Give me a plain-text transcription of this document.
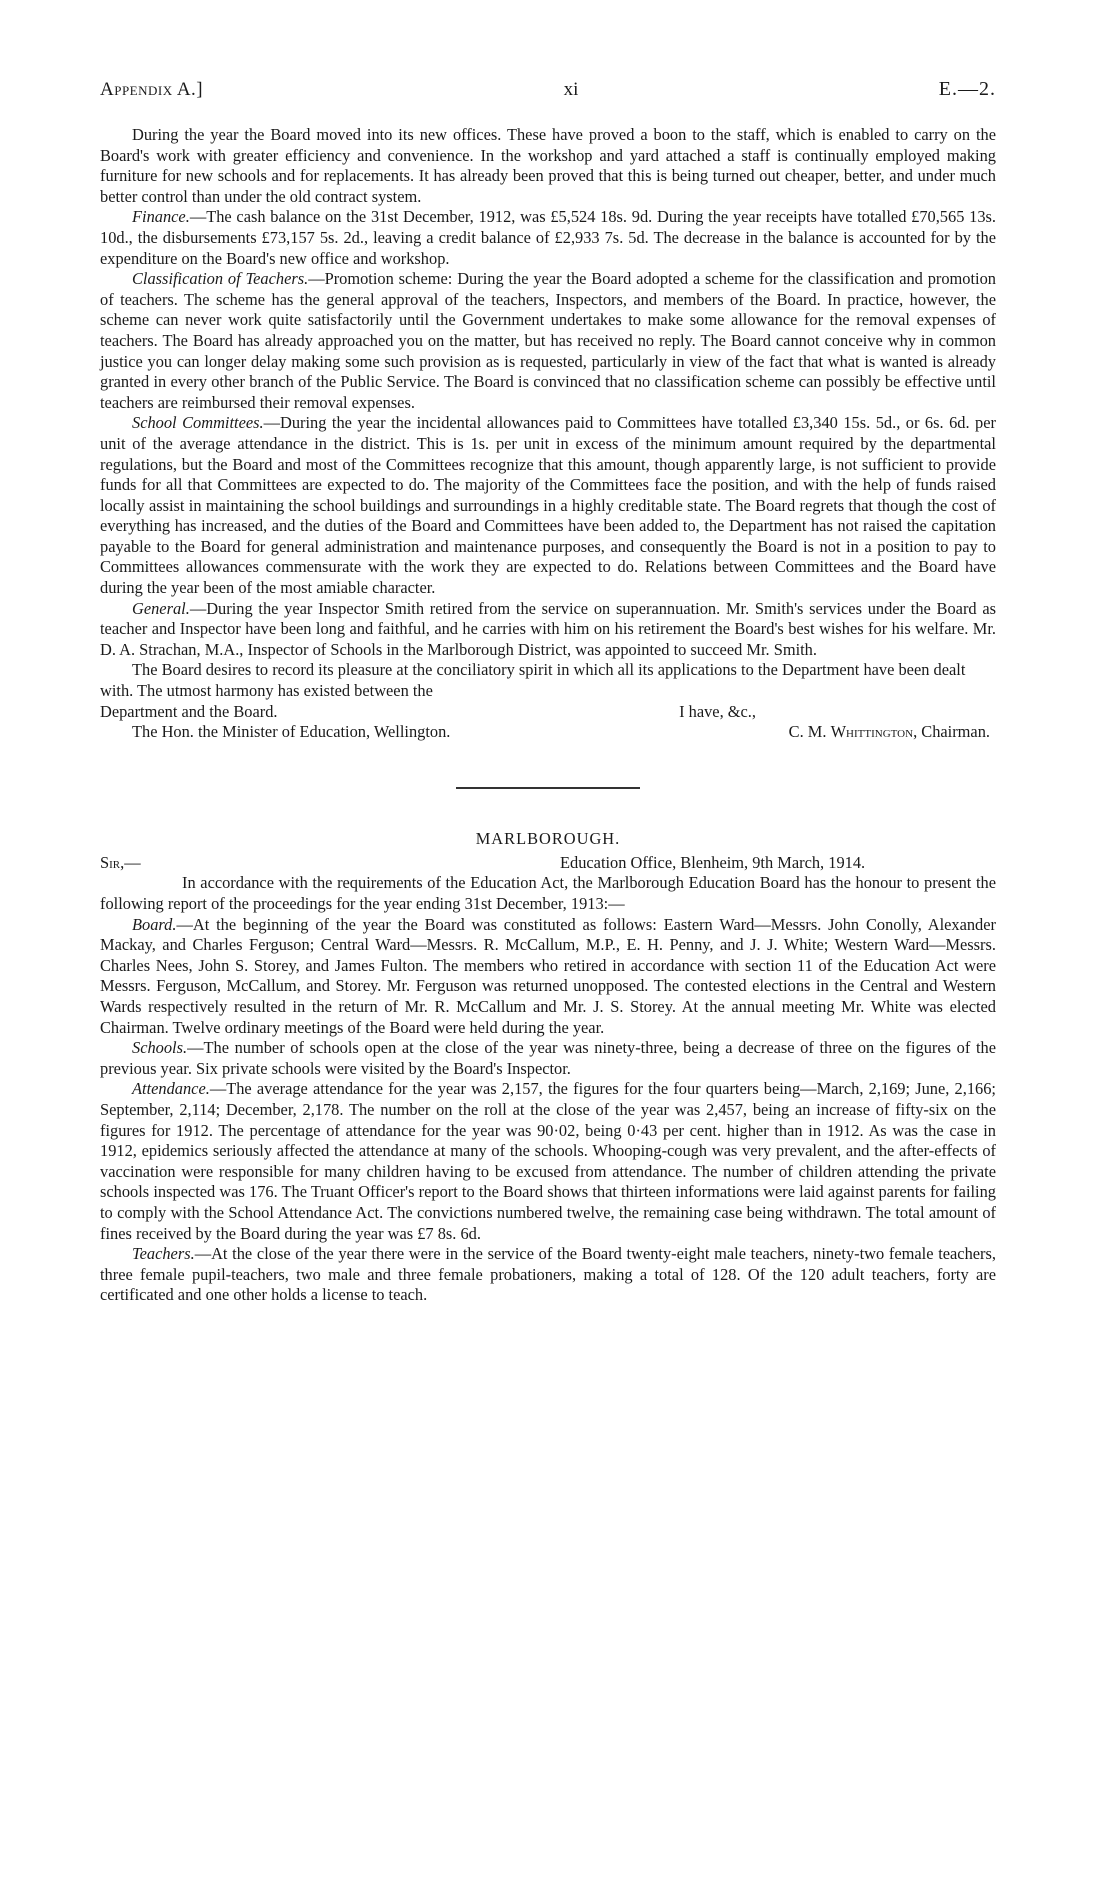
Appendix A.]	xi	E.—2.

During the year the Board moved into its new offices. These have proved a boon to the staff, which is enabled to carry on the Board's work with greater efficiency and convenience. In the workshop and yard attached a staff is continually employed making furniture for new schools and for replacements. It has already been proved that this is being turned out cheaper, better, and under much better control than under the old contract system.

Finance.—The cash balance on the 31st December, 1912, was £5,524 18s. 9d. During the year receipts have totalled £70,565 13s. 10d., the disbursements £73,157 5s. 2d., leaving a credit balance of £2,933 7s. 5d. The decrease in the balance is accounted for by the expenditure on the Board's new office and workshop.

Classification of Teachers.—Promotion scheme: During the year the Board adopted a scheme for the classification and promotion of teachers. The scheme has the general approval of the teachers, Inspectors, and members of the Board. In practice, however, the scheme can never work quite satisfactorily until the Government undertakes to make some allowance for the removal expenses of teachers. The Board has already approached you on the matter, but has received no reply. The Board cannot conceive why in common justice you can longer delay making some such provision as is requested, particularly in view of the fact that what is wanted is already granted in every other branch of the Public Service. The Board is convinced that no classification scheme can possibly be effective until teachers are reimbursed their removal expenses.

School Committees.—During the year the incidental allowances paid to Committees have totalled £3,340 15s. 5d., or 6s. 6d. per unit of the average attendance in the district. This is 1s. per unit in excess of the minimum amount required by the departmental regulations, but the Board and most of the Committees recognize that this amount, though apparently large, is not sufficient to provide funds for all that Committees are expected to do. The majority of the Committees face the position, and with the help of funds raised locally assist in maintaining the school buildings and surroundings in a highly creditable state. The Board regrets that though the cost of everything has increased, and the duties of the Board and Committees have been added to, the Department has not raised the capitation payable to the Board for general administration and maintenance purposes, and consequently the Board is not in a position to pay to Committees allowances commensurate with the work they are expected to do. Relations between Committees and the Board have during the year been of the most amiable character.

General.—During the year Inspector Smith retired from the service on superannuation. Mr. Smith's services under the Board as teacher and Inspector have been long and faithful, and he carries with him on his retirement the Board's best wishes for his welfare. Mr. D. A. Strachan, M.A., Inspector of Schools in the Marlborough District, was appointed to succeed Mr. Smith.

The Board desires to record its pleasure at the conciliatory spirit in which all its applications to the Department have been dealt with. The utmost harmony has existed between the

Department and the Board.	I have, &c.,
The Hon. the Minister of Education, Wellington.	C. M. Whittington, Chairman.
MARLBOROUGH.
Sir,—	Education Office, Blenheim, 9th March, 1914.

In accordance with the requirements of the Education Act, the Marlborough Education Board has the honour to present the following report of the proceedings for the year ending 31st December, 1913:—

Board.—At the beginning of the year the Board was constituted as follows: Eastern Ward—Messrs. John Conolly, Alexander Mackay, and Charles Ferguson; Central Ward—Messrs. R. McCallum, M.P., E. H. Penny, and J. J. White; Western Ward—Messrs. Charles Nees, John S. Storey, and James Fulton. The members who retired in accordance with section 11 of the Education Act were Messrs. Ferguson, McCallum, and Storey. Mr. Ferguson was returned unopposed. The contested elections in the Central and Western Wards respectively resulted in the return of Mr. R. McCallum and Mr. J. S. Storey. At the annual meeting Mr. White was elected Chairman. Twelve ordinary meetings of the Board were held during the year.

Schools.—The number of schools open at the close of the year was ninety-three, being a decrease of three on the figures of the previous year. Six private schools were visited by the Board's Inspector.

Attendance.—The average attendance for the year was 2,157, the figures for the four quarters being—March, 2,169; June, 2,166; September, 2,114; December, 2,178. The number on the roll at the close of the year was 2,457, being an increase of fifty-six on the figures for 1912. The percentage of attendance for the year was 90·02, being 0·43 per cent. higher than in 1912. As was the case in 1912, epidemics seriously affected the attendance at many of the schools. Whooping-cough was very prevalent, and the after-effects of vaccination were responsible for many children having to be excused from attendance. The number of children attending the private schools inspected was 176. The Truant Officer's report to the Board shows that thirteen informations were laid against parents for failing to comply with the School Attendance Act. The convictions numbered twelve, the remaining case being withdrawn. The total amount of fines received by the Board during the year was £7 8s. 6d.

Teachers.—At the close of the year there were in the service of the Board twenty-eight male teachers, ninety-two female teachers, three female pupil-teachers, two male and three female probationers, making a total of 128. Of the 120 adult teachers, forty are certificated and one other holds a license to teach.
